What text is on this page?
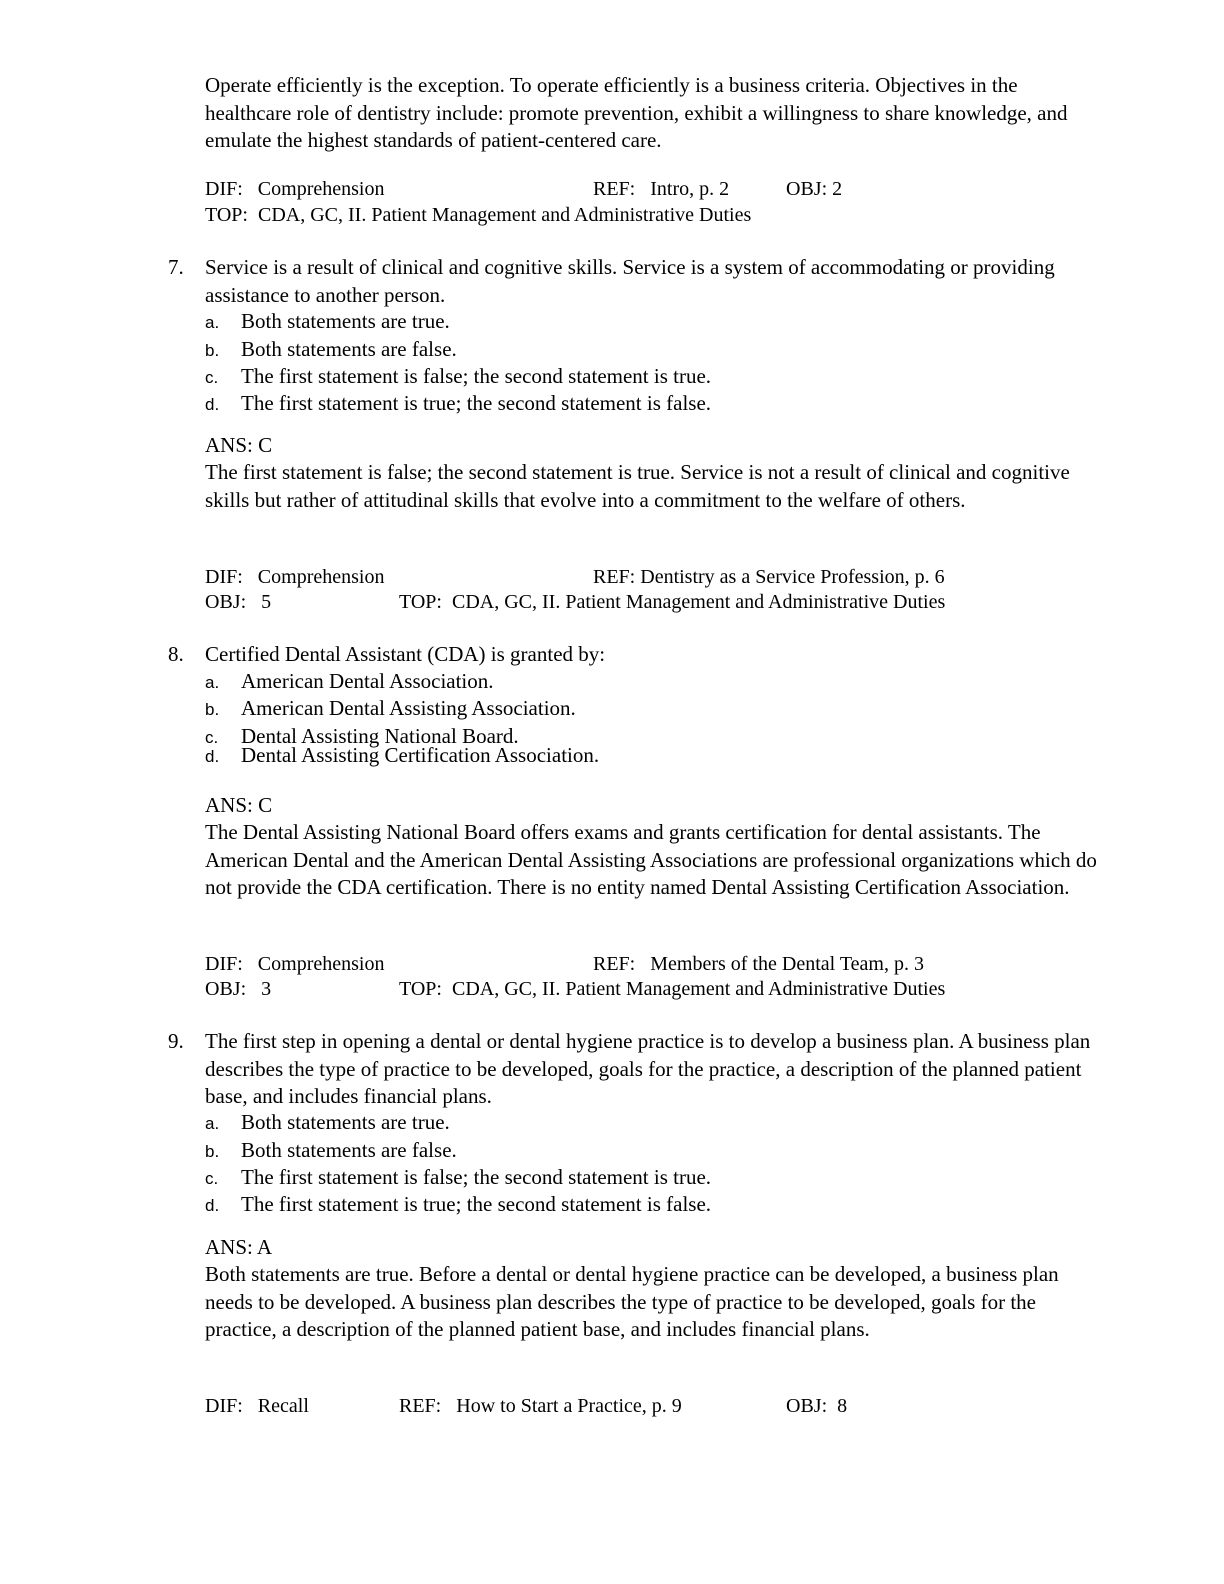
Operate efficiently is the exception. To operate efficiently is a business criteria. Objectives in the healthcare role of dentistry include: promote prevention, exhibit a willingness to share knowledge, and emulate the highest standards of patient-centered care.

DIF: Comprehension	REF: Intro, p. 2	OBJ: 2
TOP: CDA, GC, II. Patient Management and Administrative Duties
7. Service is a result of clinical and cognitive skills. Service is a system of accommodating or providing assistance to another person.

a. Both statements are true.
b. Both statements are false.
c. The first statement is false; the second statement is true.
d. The first statement is true; the second statement is false.
ANS: C

The first statement is false; the second statement is true. Service is not a result of clinical and cognitive skills but rather of attitudinal skills that evolve into a commitment to the welfare of others.

DIF: Comprehension	REF: Dentistry as a Service Profession, p. 6
OBJ: 5	TOP: CDA, GC, II. Patient Management and Administrative Duties
8. Certified Dental Assistant (CDA) is granted by:

a. American Dental Association.
b. American Dental Assisting Association.
c. Dental Assisting National Board.
d. Dental Assisting Certification Association.
ANS: C

The Dental Assisting National Board offers exams and grants certification for dental assistants. The American Dental and the American Dental Assisting Associations are professional organizations which do not provide the CDA certification. There is no entity named Dental Assisting Certification Association.

DIF: Comprehension	REF: Members of the Dental Team, p. 3
OBJ: 3	TOP: CDA, GC, II. Patient Management and Administrative Duties
9. The first step in opening a dental or dental hygiene practice is to develop a business plan. A business plan describes the type of practice to be developed, goals for the practice, a description of the planned patient base, and includes financial plans.

a. Both statements are true.
b. Both statements are false.
c. The first statement is false; the second statement is true.
d. The first statement is true; the second statement is false.
ANS: A

Both statements are true. Before a dental or dental hygiene practice can be developed, a business plan needs to be developed. A business plan describes the type of practice to be developed, goals for the practice, a description of the planned patient base, and includes financial plans.

DIF: Recall	REF: How to Start a Practice, p. 9	OBJ: 8
